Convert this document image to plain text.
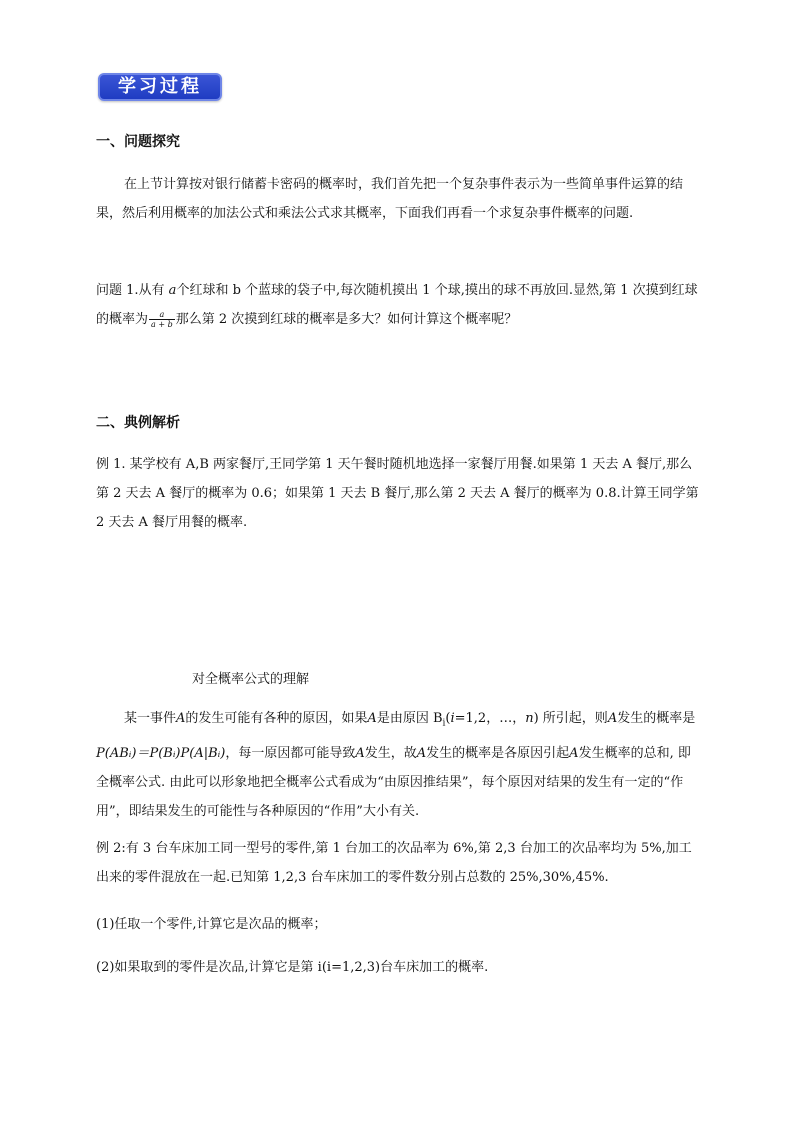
学习过程
一、问题探究

在上节计算按对银行储蓄卡密码的概率时，我们首先把一个复杂事件表示为一些简单事件运算的结果，然后利用概率的加法公式和乘法公式求其概率，下面我们再看一个求复杂事件概率的问题.

问题 1.从有 a个红球和 b 个蓝球的袋子中,每次随机摸出 1 个球,摸出的球不再放回.显然,第 1 次摸到红球的概率为 $\frac{a}{a + b}$ 那么第 2 次摸到红球的概率是多大？如何计算这个概率呢？

二、典例解析

例 1. 某学校有 A,B 两家餐厅,王同学第 1 天午餐时随机地选择一家餐厅用餐.如果第 1 天去 A 餐厅,那么第 2 天去 A 餐厅的概率为 0.6；如果第 1 天去 B 餐厅,那么第 2 天去 A 餐厅的概率为 0.8.计算王同学第 2 天去 A 餐厅用餐的概率.

对全概率公式的理解

某一事件A的发生可能有各种的原因，如果A是由原因 $B_i(i=1,2$，…，n) 所引起，则A发生的概率是P(ABᵢ)＝P(Bᵢ)P(A|Bᵢ)，每一原因都可能导致A发生，故A发生的概率是各原因引起A发生概率的总和, 即全概率公式. 由此可以形象地把全概率公式看成为“由原因推结果”，每个原因对结果的发生有一定的“作用”，即结果发生的可能性与各种原因的“作用”大小有关.

例 2:有 3 台车床加工同一型号的零件,第 1 台加工的次品率为 6%,第 2,3 台加工的次品率均为 5%,加工出来的零件混放在一起.已知第 1,2,3 台车床加工的零件数分别占总数的 25%,30%,45%.

(1)任取一个零件,计算它是次品的概率；

(2)如果取到的零件是次品,计算它是第 i(i=1,2,3)台车床加工的概率.
